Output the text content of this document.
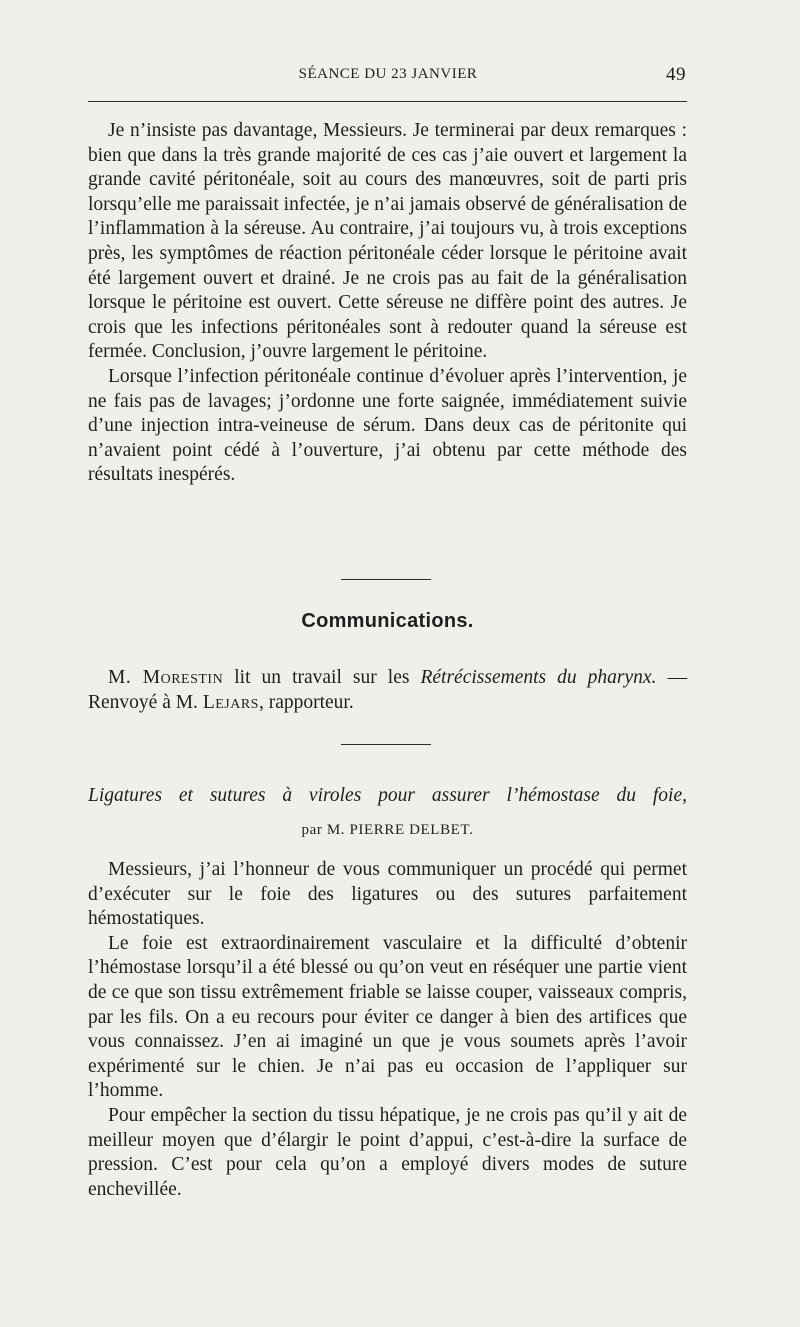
SÉANCE DU 23 JANVIER	49

Je n’insiste pas davantage, Messieurs. Je terminerai par deux remarques : bien que dans la très grande majorité de ces cas j’aie ouvert et largement la grande cavité péritonéale, soit au cours des manœuvres, soit de parti pris lorsqu’elle me paraissait infectée, je n’ai jamais observé de généralisation de l’inflammation à la séreuse. Au contraire, j’ai toujours vu, à trois exceptions près, les symptômes de réaction péritonéale céder lorsque le péritoine avait été largement ouvert et drainé. Je ne crois pas au fait de la généralisation lorsque le péritoine est ouvert. Cette séreuse ne diffère point des autres. Je crois que les infections péritonéales sont à redouter quand la séreuse est fermée. Conclusion, j’ouvre largement le péritoine.

Lorsque l’infection péritonéale continue d’évoluer après l’intervention, je ne fais pas de lavages; j’ordonne une forte saignée, immédiatement suivie d’une injection intra-veineuse de sérum. Dans deux cas de péritonite qui n’avaient point cédé à l’ouverture, j’ai obtenu par cette méthode des résultats inespérés.

Communications.

M. Morestin lit un travail sur les Rétrécissements du pharynx. — Renvoyé à M. Lejars, rapporteur.

Ligatures et sutures à viroles pour assurer l’hémostase du foie,
par M. PIERRE DELBET.

Messieurs, j’ai l’honneur de vous communiquer un procédé qui permet d’exécuter sur le foie des ligatures ou des sutures parfaitement hémostatiques.

Le foie est extraordinairement vasculaire et la difficulté d’obtenir l’hémostase lorsqu’il a été blessé ou qu’on veut en réséquer une partie vient de ce que son tissu extrêmement friable se laisse couper, vaisseaux compris, par les fils. On a eu recours pour éviter ce danger à bien des artifices que vous connaissez. J’en ai imaginé un que je vous soumets après l’avoir expérimenté sur le chien. Je n’ai pas eu occasion de l’appliquer sur l’homme.

Pour empêcher la section du tissu hépatique, je ne crois pas qu’il y ait de meilleur moyen que d’élargir le point d’appui, c’est-à-dire la surface de pression. C’est pour cela qu’on a employé divers modes de suture enchevillée.
